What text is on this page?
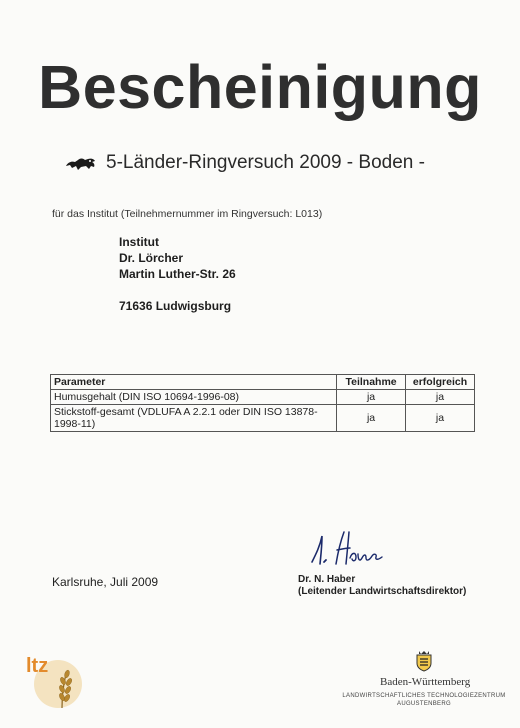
Bescheinigung
5-Länder-Ringversuch 2009 - Boden -
für das Institut (Teilnehmernummer im Ringversuch: L013)
Institut
Dr. Lörcher
Martin Luther-Str. 26
71636 Ludwigsburg
Parameter	Teilnahme	erfolgreich
Humusgehalt (DIN ISO 10694-1996-08)	ja	ja
Stickstoff-gesamt (VDLUFA A 2.2.1 oder DIN ISO 13878-1998-11)	ja	ja
Karlsruhe, Juli 2009	Dr. N. Haber
(Leitender Landwirtschaftsdirektor)
ltz
Baden-Württemberg
LANDWIRTSCHAFTLICHES TECHNOLOGIEZENTRUM
AUGUSTENBERG
